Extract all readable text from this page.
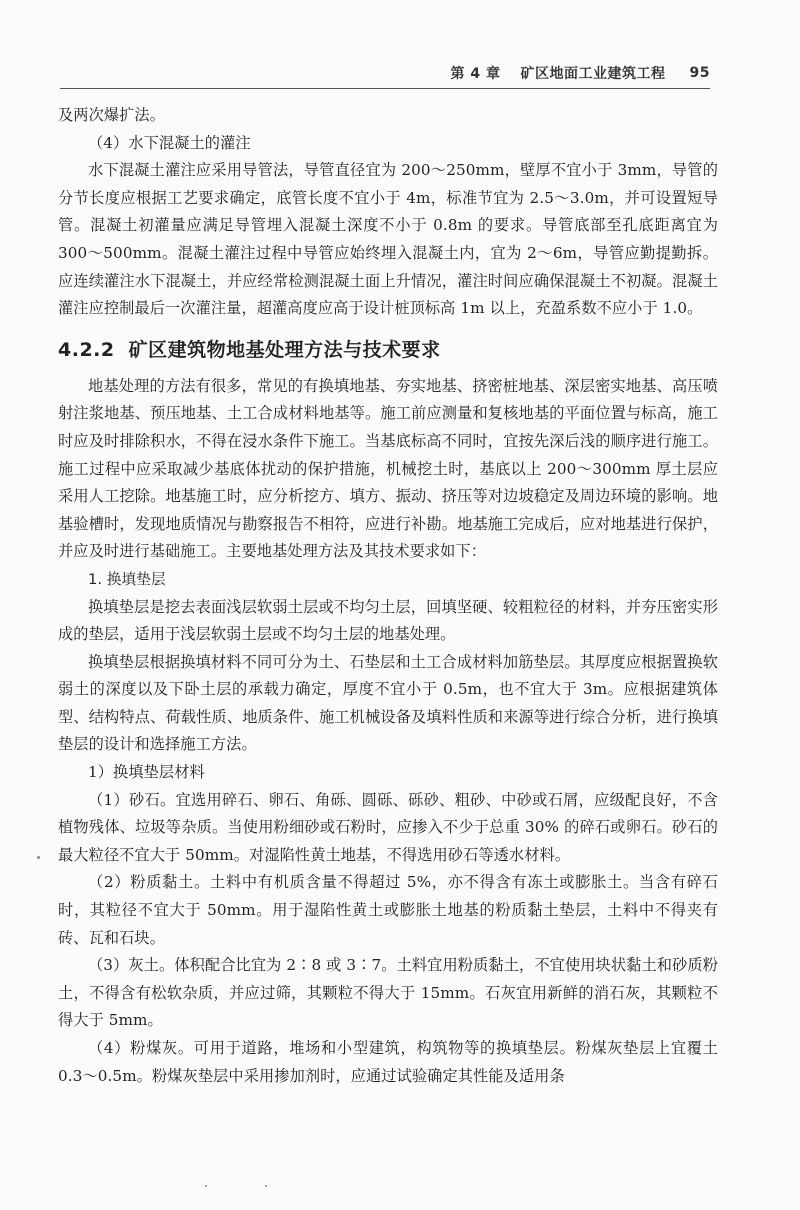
第 4 章 矿区地面工业建筑工程 95

及两次爆扩法。

（4）水下混凝土的灌注

水下混凝土灌注应采用导管法，导管直径宜为 200～250mm，壁厚不宜小于 3mm，导管的分节长度应根据工艺要求确定，底管长度不宜小于 4m，标准节宜为 2.5～3.0m，并可设置短导管。混凝土初灌量应满足导管埋入混凝土深度不小于 0.8m 的要求。导管底部至孔底距离宜为 300～500mm。混凝土灌注过程中导管应始终埋入混凝土内，宜为 2～6m，导管应勤提勤拆。应连续灌注水下混凝土，并应经常检测混凝土面上升情况，灌注时间应确保混凝土不初凝。混凝土灌注应控制最后一次灌注量，超灌高度应高于设计桩顶标高 1m 以上，充盈系数不应小于 1.0。

4.2.2 矿区建筑物地基处理方法与技术要求

地基处理的方法有很多，常见的有换填地基、夯实地基、挤密桩地基、深层密实地基、高压喷射注浆地基、预压地基、土工合成材料地基等。施工前应测量和复核地基的平面位置与标高，施工时应及时排除积水，不得在浸水条件下施工。当基底标高不同时，宜按先深后浅的顺序进行施工。施工过程中应采取减少基底体扰动的保护措施，机械挖土时，基底以上 200～300mm 厚土层应采用人工挖除。地基施工时，应分析挖方、填方、振动、挤压等对边坡稳定及周边环境的影响。地基验槽时，发现地质情况与勘察报告不相符，应进行补勘。地基施工完成后，应对地基进行保护，并应及时进行基础施工。主要地基处理方法及其技术要求如下：

1. 换填垫层

换填垫层是挖去表面浅层软弱土层或不均匀土层，回填坚硬、较粗粒径的材料，并夯压密实形成的垫层，适用于浅层软弱土层或不均匀土层的地基处理。

换填垫层根据换填材料不同可分为土、石垫层和土工合成材料加筋垫层。其厚度应根据置换软弱土的深度以及下卧土层的承载力确定，厚度不宜小于 0.5m，也不宜大于 3m。应根据建筑体型、结构特点、荷载性质、地质条件、施工机械设备及填料性质和来源等进行综合分析，进行换填垫层的设计和选择施工方法。

1）换填垫层材料

（1）砂石。宜选用碎石、卵石、角砾、圆砾、砾砂、粗砂、中砂或石屑，应级配良好，不含植物残体、垃圾等杂质。当使用粉细砂或石粉时，应掺入不少于总重 30% 的碎石或卵石。砂石的最大粒径不宜大于 50mm。对湿陷性黄土地基，不得选用砂石等透水材料。

（2）粉质黏土。土料中有机质含量不得超过 5%，亦不得含有冻土或膨胀土。当含有碎石时，其粒径不宜大于 50mm。用于湿陷性黄土或膨胀土地基的粉质黏土垫层，土料中不得夹有砖、瓦和石块。

（3）灰土。体积配合比宜为 2∶8 或 3∶7。土料宜用粉质黏土，不宜使用块状黏土和砂质粉土，不得含有松软杂质，并应过筛，其颗粒不得大于 15mm。石灰宜用新鲜的消石灰，其颗粒不得大于 5mm。

（4）粉煤灰。可用于道路，堆场和小型建筑，构筑物等的换填垫层。粉煤灰垫层上宜覆土 0.3～0.5m。粉煤灰垫层中采用掺加剂时，应通过试验确定其性能及适用条
